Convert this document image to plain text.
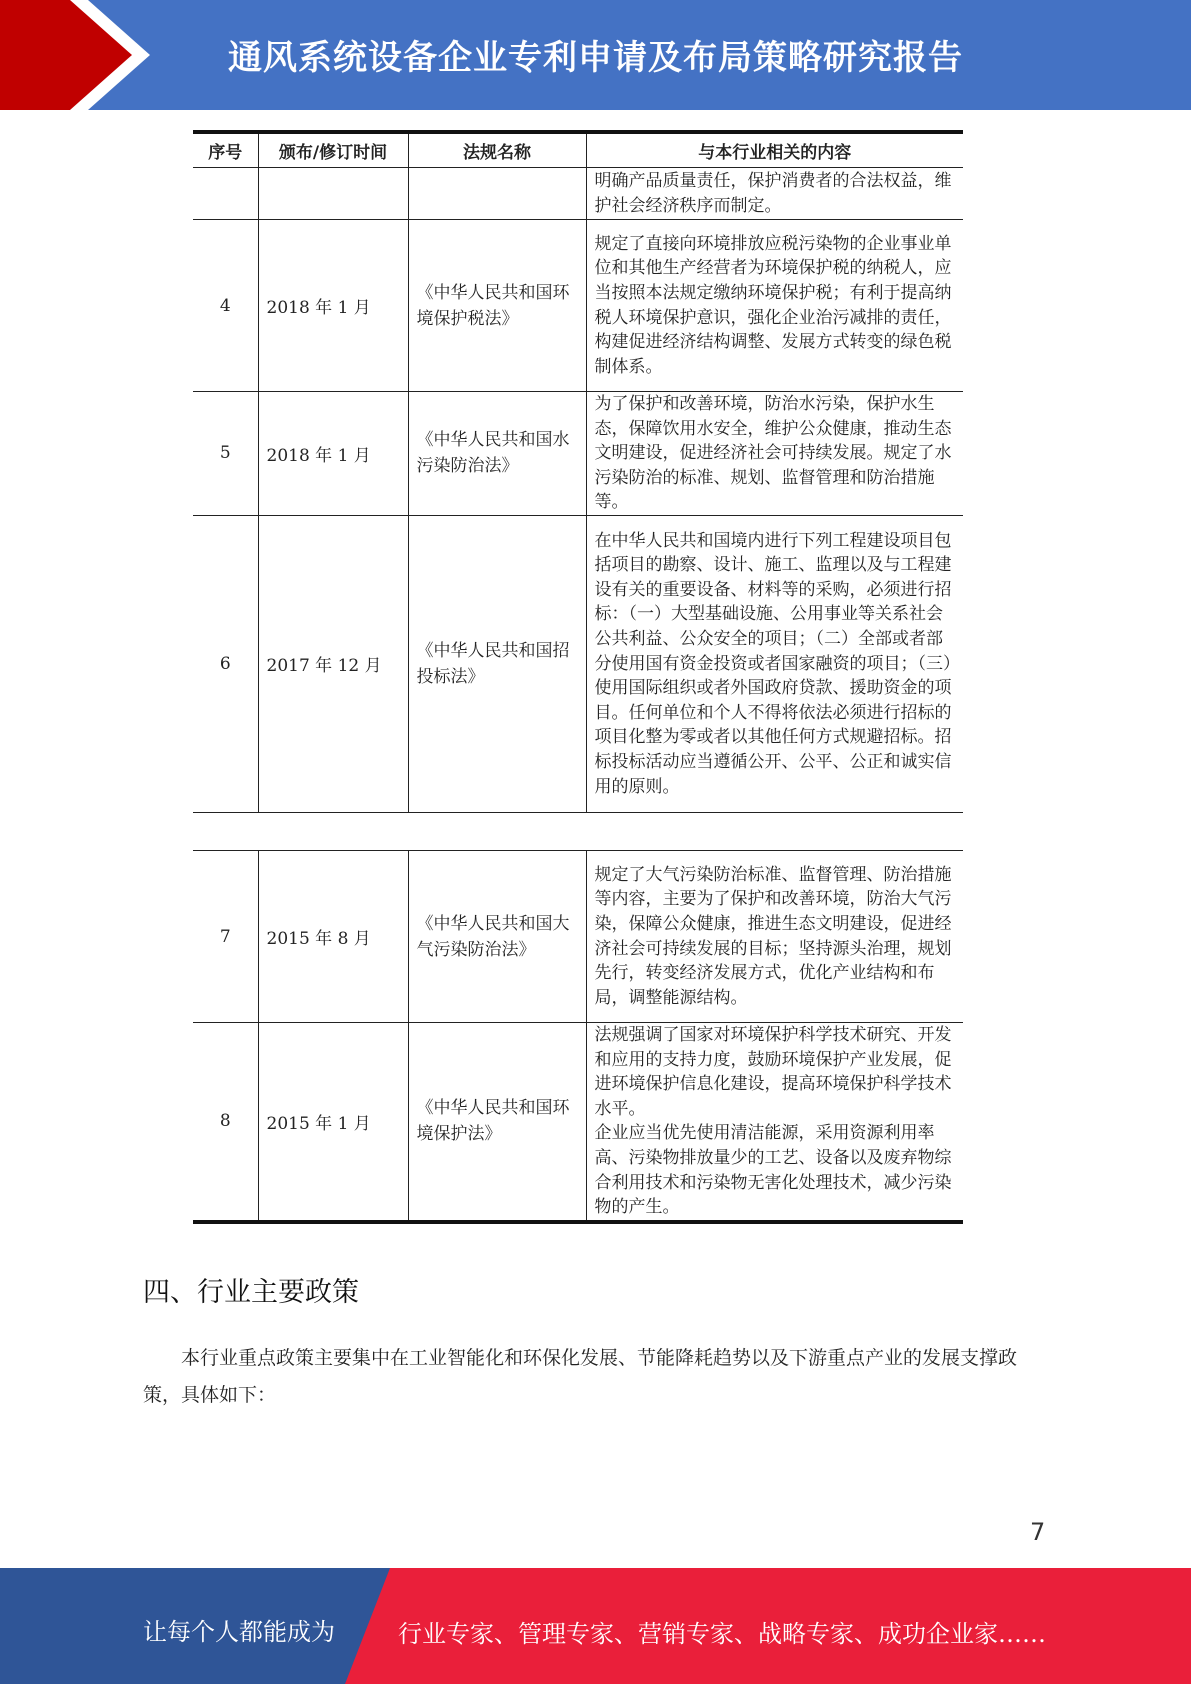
通风系统设备企业专利申请及布局策略研究报告
序号	颁布/修订时间	法规名称	与本行业相关的内容
			明确产品质量责任，保护消费者的合法权益，维护社会经济秩序而制定。
4	2018 年 1 月	《中华人民共和国环境保护税法》	规定了直接向环境排放应税污染物的企业事业单位和其他生产经营者为环境保护税的纳税人，应当按照本法规定缴纳环境保护税；有利于提高纳税人环境保护意识，强化企业治污减排的责任，构建促进经济结构调整、发展方式转变的绿色税制体系。
5	2018 年 1 月	《中华人民共和国水污染防治法》	为了保护和改善环境，防治水污染，保护水生态，保障饮用水安全，维护公众健康，推动生态文明建设，促进经济社会可持续发展。规定了水污染防治的标准、规划、监督管理和防治措施等。
6	2017 年 12 月	《中华人民共和国招投标法》	在中华人民共和国境内进行下列工程建设项目包括项目的勘察、设计、施工、监理以及与工程建设有关的重要设备、材料等的采购，必须进行招标：（一）大型基础设施、公用事业等关系社会公共利益、公众安全的项目；（二）全部或者部分使用国有资金投资或者国家融资的项目；（三）使用国际组织或者外国政府贷款、援助资金的项目。任何单位和个人不得将依法必须进行招标的项目化整为零或者以其他任何方式规避招标。招标投标活动应当遵循公开、公平、公正和诚实信用的原则。
7	2015 年 8 月	《中华人民共和国大气污染防治法》	规定了大气污染防治标准、监督管理、防治措施等内容，主要为了保护和改善环境，防治大气污染，保障公众健康，推进生态文明建设，促进经济社会可持续发展的目标；坚持源头治理，规划先行，转变经济发展方式，优化产业结构和布局，调整能源结构。
8	2015 年 1 月	《中华人民共和国环境保护法》	法规强调了国家对环境保护科学技术研究、开发和应用的支持力度，鼓励环境保护产业发展，促进环境保护信息化建设，提高环境保护科学技术水平。
企业应当优先使用清洁能源，采用资源利用率高、污染物排放量少的工艺、设备以及废弃物综合利用技术和污染物无害化处理技术，减少污染物的产生。
四、行业主要政策
本行业重点政策主要集中在工业智能化和环保化发展、节能降耗趋势以及下游重点产业的发展支撑政策，具体如下：
7
让每个人都能成为	行业专家、管理专家、营销专家、战略专家、成功企业家……
